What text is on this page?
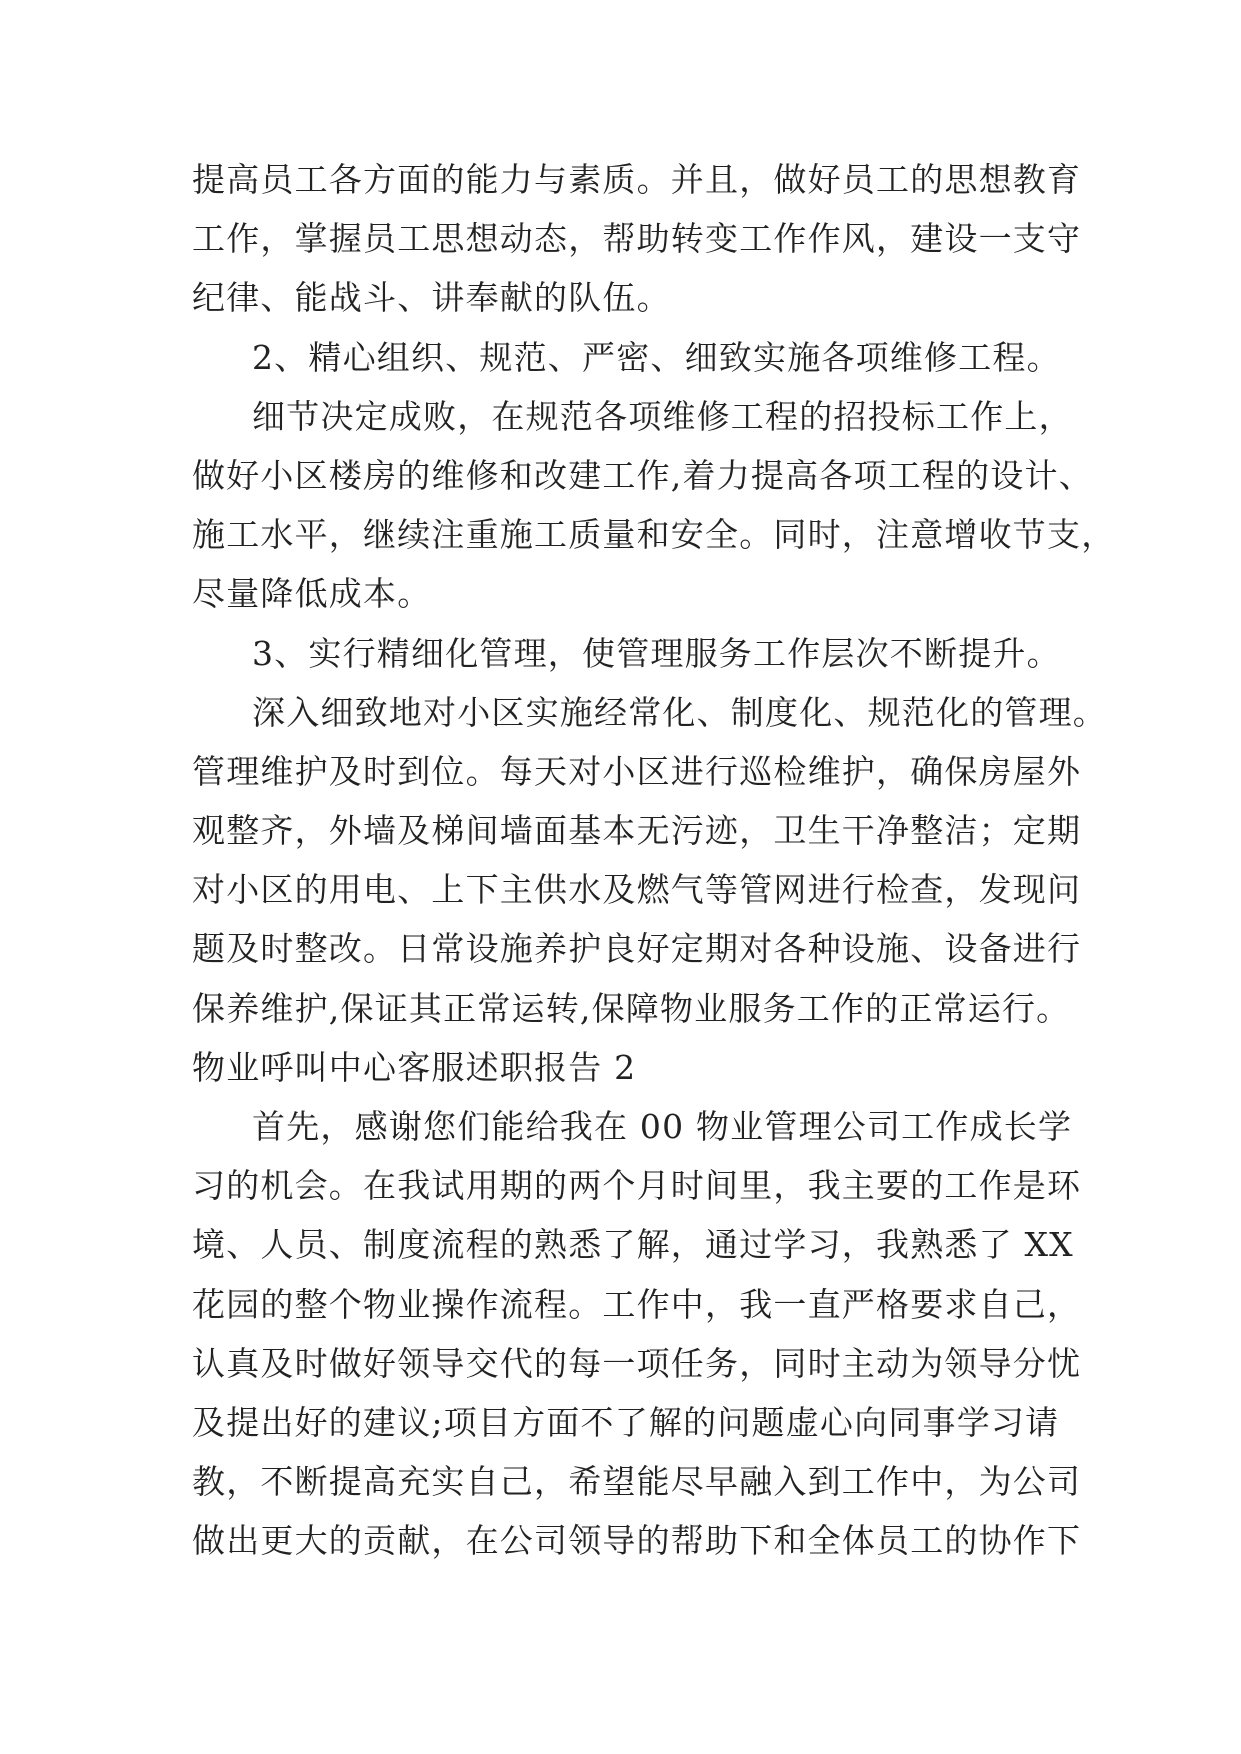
提高员工各方面的能力与素质。并且，做好员工的思想教育
工作，掌握员工思想动态，帮助转变工作作风，建设一支守
纪律、能战斗、讲奉献的队伍。
2、精心组织、规范、严密、细致实施各项维修工程。
细节决定成败，在规范各项维修工程的招投标工作上，
做好小区楼房的维修和改建工作,着力提高各项工程的设计、
施工水平，继续注重施工质量和安全。同时，注意增收节支，
尽量降低成本。
3、实行精细化管理，使管理服务工作层次不断提升。
深入细致地对小区实施经常化、制度化、规范化的管理。
管理维护及时到位。每天对小区进行巡检维护，确保房屋外
观整齐，外墙及梯间墙面基本无污迹，卫生干净整洁；定期
对小区的用电、上下主供水及燃气等管网进行检查，发现问
题及时整改。日常设施养护良好定期对各种设施、设备进行
保养维护,保证其正常运转,保障物业服务工作的正常运行。
物业呼叫中心客服述职报告 2
首先，感谢您们能给我在 00 物业管理公司工作成长学
习的机会。在我试用期的两个月时间里，我主要的工作是环
境、人员、制度流程的熟悉了解，通过学习，我熟悉了 XX
花园的整个物业操作流程。工作中，我一直严格要求自己，
认真及时做好领导交代的每一项任务，同时主动为领导分忧
及提出好的建议;项目方面不了解的问题虚心向同事学习请
教，不断提高充实自己，希望能尽早融入到工作中，为公司
做出更大的贡献，在公司领导的帮助下和全体员工的协作下
